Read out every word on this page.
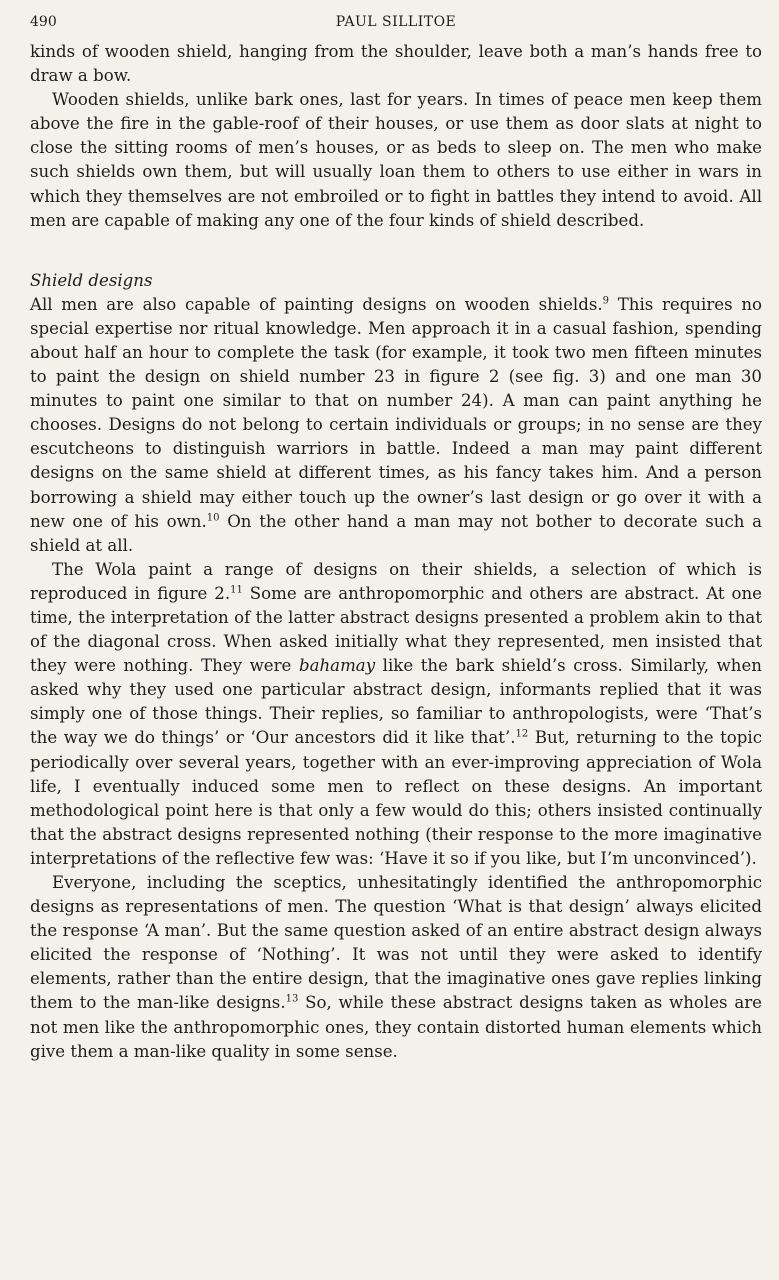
490	PAUL SILLITOE

kinds of wooden shield, hanging from the shoulder, leave both a man’s hands free to draw a bow.

Wooden shields, unlike bark ones, last for years. In times of peace men keep them above the fire in the gable-roof of their houses, or use them as door slats at night to close the sitting rooms of men’s houses, or as beds to sleep on. The men who make such shields own them, but will usually loan them to others to use either in wars in which they themselves are not embroiled or to fight in battles they intend to avoid. All men are capable of making any one of the four kinds of shield described.

Shield designs

All men are also capable of painting designs on wooden shields.$^9$ This requires no special expertise nor ritual knowledge. Men approach it in a casual fashion, spending about half an hour to complete the task (for example, it took two men fifteen minutes to paint the design on shield number 23 in figure 2 (see fig. 3) and one man 30 minutes to paint one similar to that on number 24). A man can paint anything he chooses. Designs do not belong to certain individuals or groups; in no sense are they escutcheons to distinguish warriors in battle. Indeed a man may paint different designs on the same shield at different times, as his fancy takes him. And a person borrowing a shield may either touch up the owner’s last design or go over it with a new one of his own.$^{10}$ On the other hand a man may not bother to decorate such a shield at all.

The Wola paint a range of designs on their shields, a selection of which is reproduced in figure 2.11 Some are anthropomorphic and others are abstract. At one time, the interpretation of the latter abstract designs presented a problem akin to that of the diagonal cross. When asked initially what they represented, men insisted that they were nothing. They were bahamay like the bark shield’s cross. Similarly, when asked why they used one particular abstract design, informants replied that it was simply one of those things. Their replies, so familiar to anthropologists, were ‘That’s the way we do things’ or ‘Our ancestors did it like that’.$^{12}$ But, returning to the topic periodically over several years, together with an ever-improving appreciation of Wola life, I eventually induced some men to reflect on these designs. An important methodological point here is that only a few would do this; others insisted continually that the abstract designs represented nothing (their response to the more imaginative interpretations of the reflective few was: ‘Have it so if you like, but I’m unconvinced’).

Everyone, including the sceptics, unhesitatingly identified the anthropomorphic designs as representations of men. The question ‘What is that design’ always elicited the response ‘A man’. But the same question asked of an entire abstract design always elicited the response of ‘Nothing’. It was not until they were asked to identify elements, rather than the entire design, that the imaginative ones gave replies linking them to the man-like designs.$^{13}$ So, while these abstract designs taken as wholes are not men like the anthropomorphic ones, they contain distorted human elements which give them a man-like quality in some sense.
